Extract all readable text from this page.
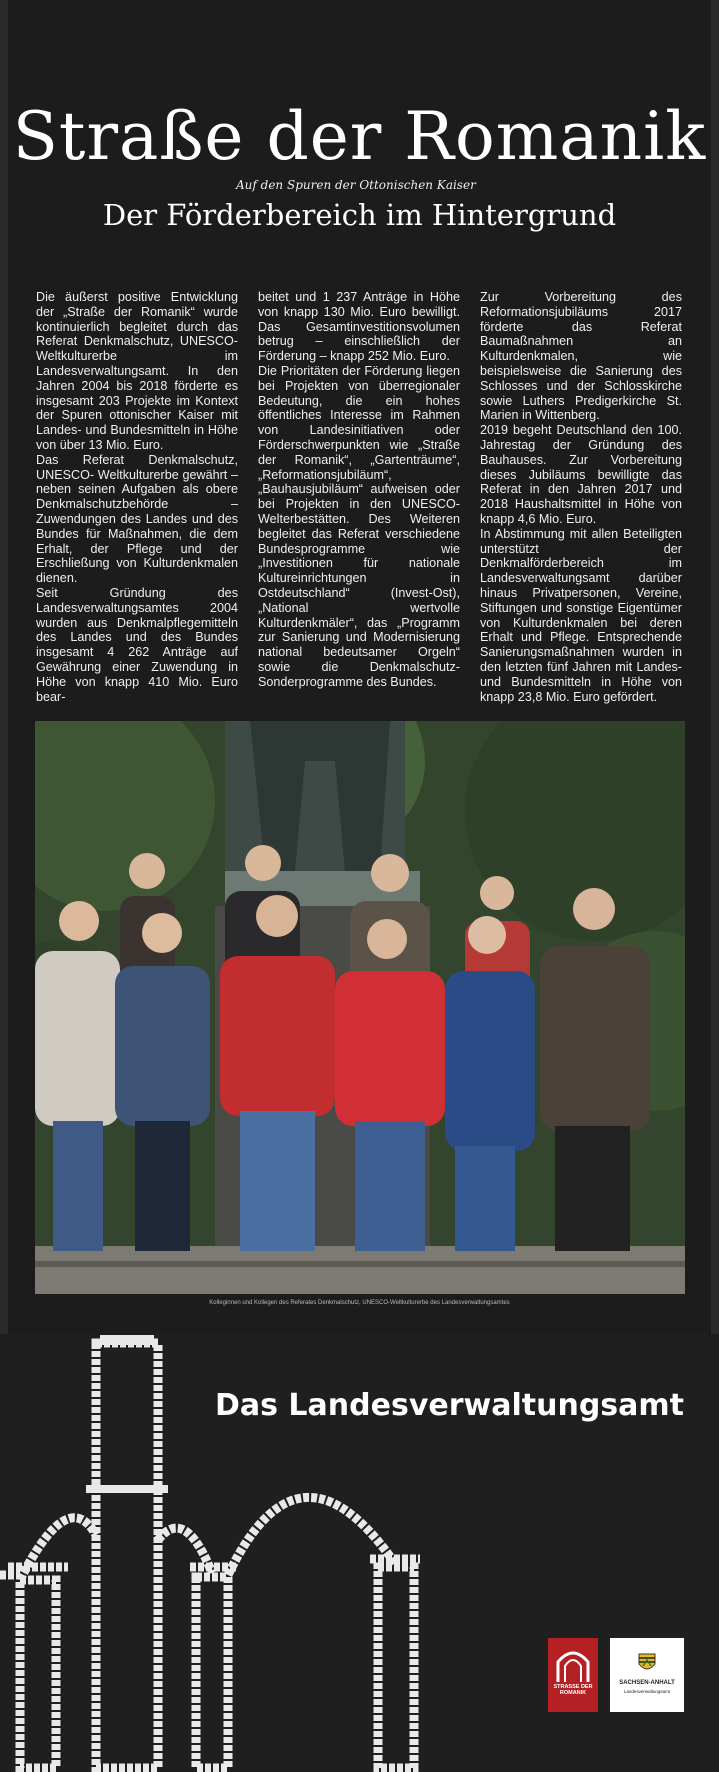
Straße der Romanik
Auf den Spuren der Ottonischen Kaiser
Der Förderbereich im Hintergrund

Die äußerst positive Entwicklung der „Straße der Romanik“ wurde kontinuierlich begleitet durch das Referat Denkmalschutz, UNESCO-Weltkulturerbe im Landesverwaltungsamt. In den Jahren 2004 bis 2018 förderte es insgesamt 203 Projekte im Kontext der Spuren ottonischer Kaiser mit Landes- und Bundesmitteln in Höhe von über 13 Mio. Euro.

Das Referat Denkmalschutz, UNESCO- Weltkulturerbe gewährt – neben seinen Aufgaben als obere Denkmalschutzbehörde – Zuwendungen des Landes und des Bundes für Maßnahmen, die dem Erhalt, der Pflege und der Erschließung von Kulturdenkmalen dienen.

Seit Gründung des Landesverwaltungsamtes 2004 wurden aus Denkmalpflegemitteln des Landes und des Bundes insgesamt 4 262 Anträge auf Gewährung einer Zuwendung in Höhe von knapp 410 Mio. Euro bear-

beitet und 1 237 Anträge in Höhe von knapp 130 Mio. Euro bewilligt. Das Gesamtinvestitionsvolumen betrug – einschließlich der Förderung – knapp 252 Mio. Euro.

Die Prioritäten der Förderung liegen bei Projekten von überregionaler Bedeutung, die ein hohes öffentliches Interesse im Rahmen von Landesinitiativen oder Förderschwerpunkten wie „Straße der Romanik“, „Gartenträume“, „Reformationsjubiläum“, „Bauhausjubiläum“ aufweisen oder bei Projekten in den UNESCO-Welterbestätten. Des Weiteren begleitet das Referat verschiedene Bundesprogramme wie „Investitionen für nationale Kultureinrichtungen in Ostdeutschland“ (Invest-Ost), „National wertvolle Kulturdenkmäler“, das „Programm zur Sanierung und Modernisierung national bedeutsamer Orgeln“ sowie die Denkmalschutz-Sonderprogramme des Bundes.

Zur Vorbereitung des Reformationsjubiläums 2017 förderte das Referat Baumaßnahmen an Kulturdenkmalen, wie beispielsweise die Sanierung des Schlosses und der Schlosskirche sowie Luthers Predigerkirche St. Marien in Wittenberg.

2019 begeht Deutschland den 100. Jahrestag der Gründung des Bauhauses. Zur Vorbereitung dieses Jubiläums bewilligte das Referat in den Jahren 2017 und 2018 Haushaltsmittel in Höhe von knapp 4,6 Mio. Euro.

In Abstimmung mit allen Beteiligten unterstützt der Denkmalförderbereich im Landesverwaltungsamt darüber hinaus Privatpersonen, Vereine, Stiftungen und sonstige Eigentümer von Kulturdenkmalen bei deren Erhalt und Pflege. Entsprechende Sanierungsmaßnahmen wurden in den letzten fünf Jahren mit Landes- und Bundesmitteln in Höhe von knapp 23,8 Mio. Euro gefördert.

Kolleginnen und Kollegen des Referates Denkmalschutz, UNESCO-Weltkulturerbe des Landesverwaltungsamtes
Das Landesverwaltungsamt
STRASSE DER ROMANIK
SACHSEN-ANHALT
Landesverwaltungsamt
